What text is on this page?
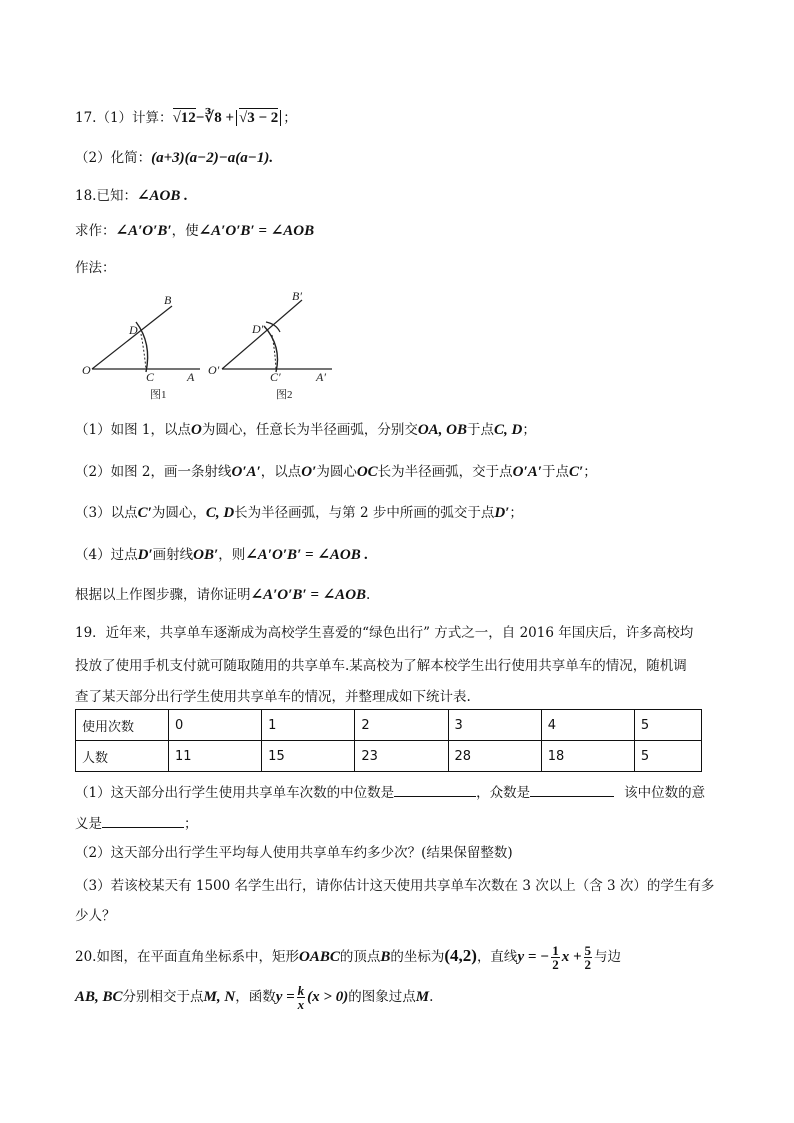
17.（1）计算：√12−∛8 + √3 − 2 ；
（2）化简：(a+3)(a−2)−a(a−1).
18.已知：∠AOB .
求作：∠A′O′B′，使∠A′O′B′ = ∠AOB
作法：
B
D
O	C	A
图1
B′
D′
O′	C′	A′
图2
（1）如图 1，以点O为圆心，任意长为半径画弧，分别交OA, OB于点C, D；
（2）如图 2，画一条射线O′A′，以点O′为圆心OC长为半径画弧，交于点O′A′于点C′；
（3）以点C′为圆心，C, D长为半径画弧，与第 2 步中所画的弧交于点D′；
（4）过点D′画射线OB′，则∠A′O′B′ = ∠AOB .
根据以上作图步骤，请你证明∠A′O′B′ = ∠AOB.
19．近年来，共享单车逐渐成为高校学生喜爱的“绿色出行” 方式之一，自 2016 年国庆后，许多高校均
投放了使用手机支付就可随取随用的共享单车.某高校为了解本校学生出行使用共享单车的情况，随机调
查了某天部分出行学生使用共享单车的情况，并整理成如下统计表.
使用次数	0	1	2	3	4	5
人数	11	15	23	28	18	5
（1）这天部分出行学生使用共享单车次数的中位数是	，众数是	该中位数的意
义是	；
（2）这天部分出行学生平均每人使用共享单车约多少次？(结果保留整数)
（3）若该校某天有 1500 名学生出行，请你估计这天使用共享单车次数在 3 次以上（含 3 次）的学生有多
少人？
20.如图，在平面直角坐标系中，矩形OABC的顶点B的坐标为(4,2)，直线y = − $\frac{1}{2}$ $x + \frac{5}{2}$ 与边
AB, BC分别相交于点M, N，函数$y = \frac{k}{x} (x > 0)$的图象过点M.
